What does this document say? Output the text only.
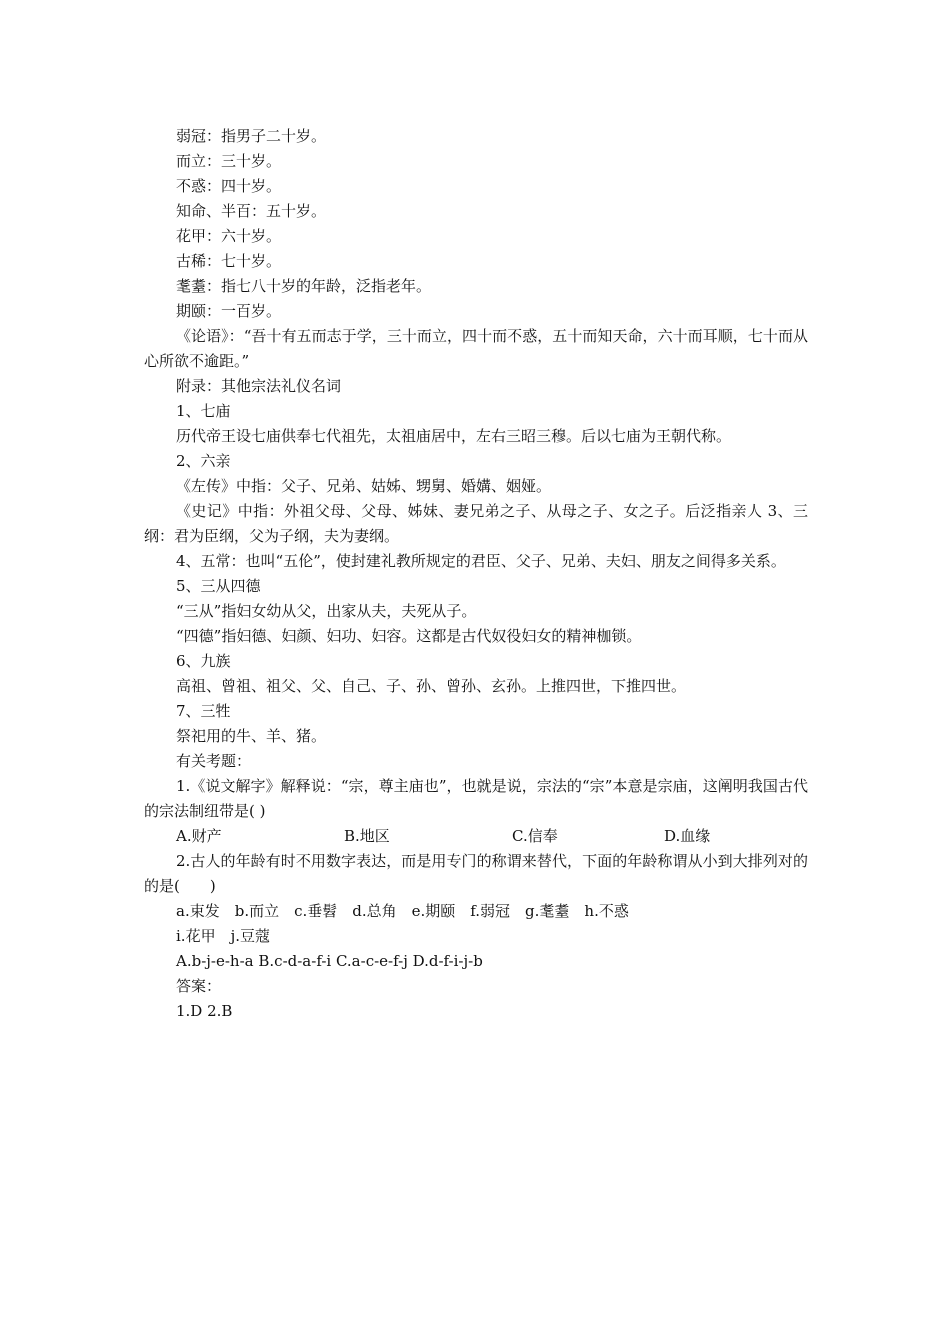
弱冠：指男子二十岁。

而立：三十岁。

不惑：四十岁。

知命、半百：五十岁。

花甲：六十岁。

古稀：七十岁。

耄耋：指七八十岁的年龄，泛指老年。

期颐：一百岁。

《论语》：“吾十有五而志于学，三十而立，四十而不惑，五十而知天命，六十而耳顺，七十而从心所欲不逾距。”

附录：其他宗法礼仪名词

1、七庙

历代帝王设七庙供奉七代祖先，太祖庙居中，左右三昭三穆。后以七庙为王朝代称。

2、六亲

《左传》中指：父子、兄弟、姑姊、甥舅、婚媾、姻娅。

《史记》中指：外祖父母、父母、姊妹、妻兄弟之子、从母之子、女之子。后泛指亲人 3、三纲：君为臣纲，父为子纲，夫为妻纲。

4、五常：也叫“五伦”，使封建礼教所规定的君臣、父子、兄弟、夫妇、朋友之间得多关系。

5、三从四德

“三从”指妇女幼从父，出家从夫，夫死从子。

“四德”指妇德、妇颜、妇功、妇容。这都是古代奴役妇女的精神枷锁。

6、九族

高祖、曾祖、祖父、父、自己、子、孙、曾孙、玄孙。上推四世，下推四世。

7、三牲

祭祀用的牛、羊、猪。

有关考题：

1.《说文解字》解释说：“宗，尊主庙也”，也就是说，宗法的“宗”本意是宗庙，这阐明我国古代的宗法制纽带是( )

A.财产	B.地区	C.信奉	D.血缘

2.古人的年龄有时不用数字表达，而是用专门的称谓来替代，下面的年龄称谓从小到大排列对的的是(　　)

a.束发　b.而立　c.垂髫　d.总角　e.期颐　f.弱冠　g.耄耋　h.不惑

i.花甲　j.豆蔻

A.b-j-e-h-a B.c-d-a-f-i C.a-c-e-f-j D.d-f-i-j-b

答案：

1.D 2.B
